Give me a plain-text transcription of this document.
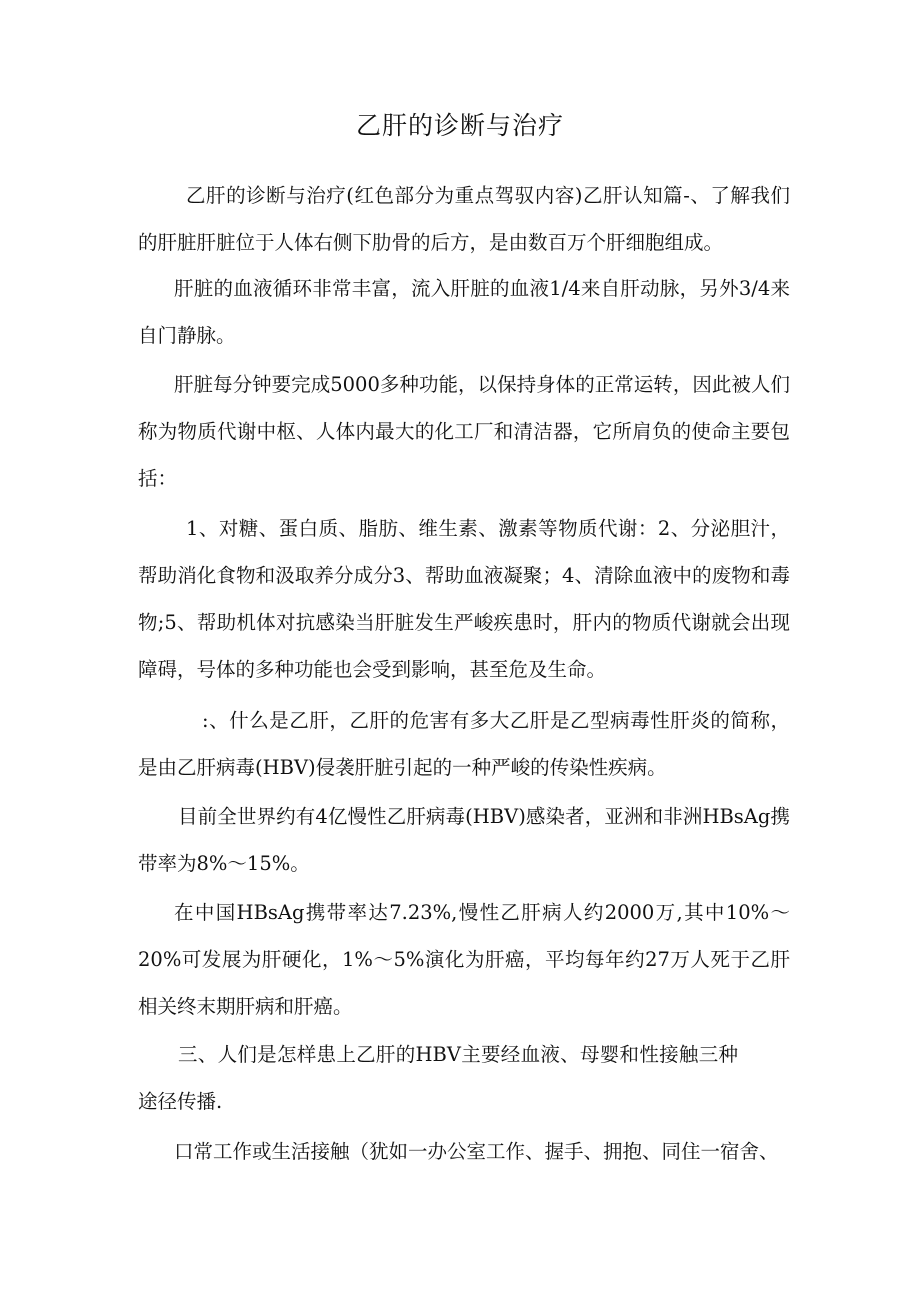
乙肝的诊断与治疗

乙肝的诊断与治疗(红色部分为重点驾驭内容)乙肝认知篇-、了解我们的肝脏肝脏位于人体右侧下肋骨的后方，是由数百万个肝细胞组成。

肝脏的血液循环非常丰富，流入肝脏的血液1/4来自肝动脉，另外3/4来自门静脉。

肝脏每分钟要完成5000多种功能，以保持身体的正常运转，因此被人们称为物质代谢中枢、人体内最大的化工厂和清洁器，它所肩负的使命主要包括：

1、对糖、蛋白质、脂肪、维生素、激素等物质代谢：2、分泌胆汁，帮助消化食物和汲取养分成分3、帮助血液凝聚；4、清除血液中的废物和毒物;5、帮助机体对抗感染当肝脏发生严峻疾患时，肝内的物质代谢就会出现障碍，号体的多种功能也会受到影响，甚至危及生命。

:、什么是乙肝，乙肝的危害有多大乙肝是乙型病毒性肝炎的简称，是由乙肝病毒(HBV)侵袭肝脏引起的一种严峻的传染性疾病。

目前全世界约有4亿慢性乙肝病毒(HBV)感染者，亚洲和非洲HBsAg携带率为8%～15%。

在中国HBsAg携带率达7.23%,慢性乙肝病人约2000万,其中10%～20%可发展为肝硬化，1%～5%演化为肝癌，平均每年约27万人死于乙肝相关终末期肝病和肝癌。

三、人们是怎样患上乙肝的HBV主要经血液、母婴和性接触三种途径传播.

口常工作或生活接触（犹如一办公室工作、握手、拥抱、同住一宿舍、
